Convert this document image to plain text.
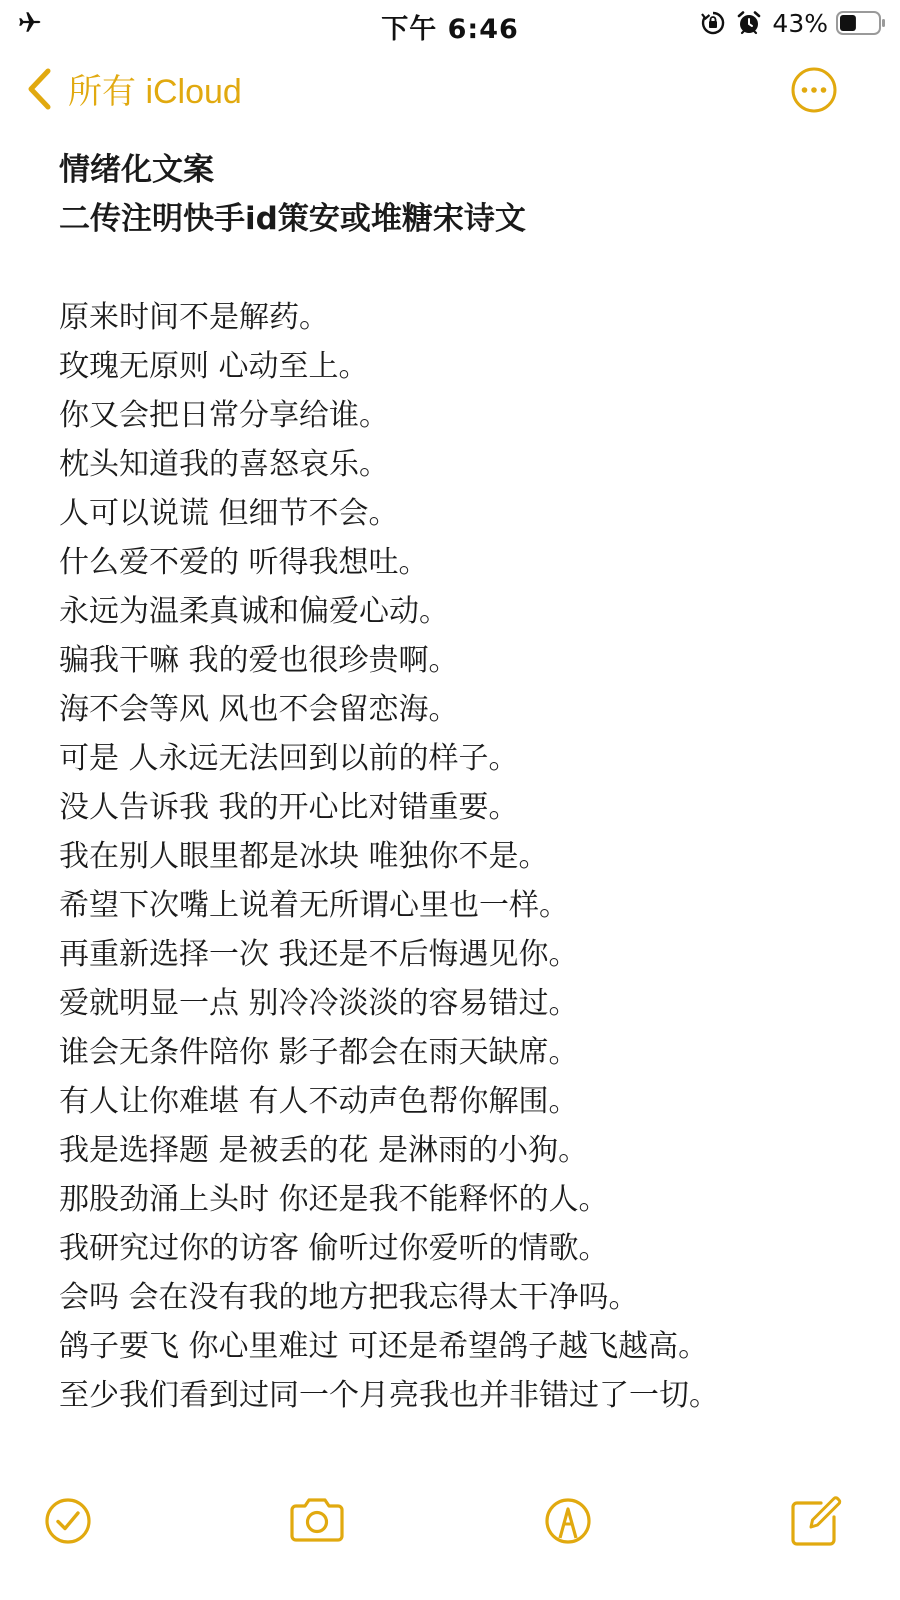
下午 6:46	43%
所有 iCloud
情绪化文案
二传注明快手id策安或堆糖宋诗文
原来时间不是解药。
玫瑰无原则 心动至上。
你又会把日常分享给谁。
枕头知道我的喜怒哀乐。
人可以说谎 但细节不会。
什么爱不爱的 听得我想吐。
永远为温柔真诚和偏爱心动。
骗我干嘛 我的爱也很珍贵啊。
海不会等风 风也不会留恋海。
可是 人永远无法回到以前的样子。
没人告诉我 我的开心比对错重要。
我在别人眼里都是冰块 唯独你不是。
希望下次嘴上说着无所谓心里也一样。
再重新选择一次 我还是不后悔遇见你。
爱就明显一点 别冷冷淡淡的容易错过。
谁会无条件陪你 影子都会在雨天缺席。
有人让你难堪 有人不动声色帮你解围。
我是选择题 是被丢的花 是淋雨的小狗。
那股劲涌上头时 你还是我不能释怀的人。
我研究过你的访客 偷听过你爱听的情歌。
会吗 会在没有我的地方把我忘得太干净吗。
鸽子要飞 你心里难过 可还是希望鸽子越飞越高。
至少我们看到过同一个月亮我也并非错过了一切。
